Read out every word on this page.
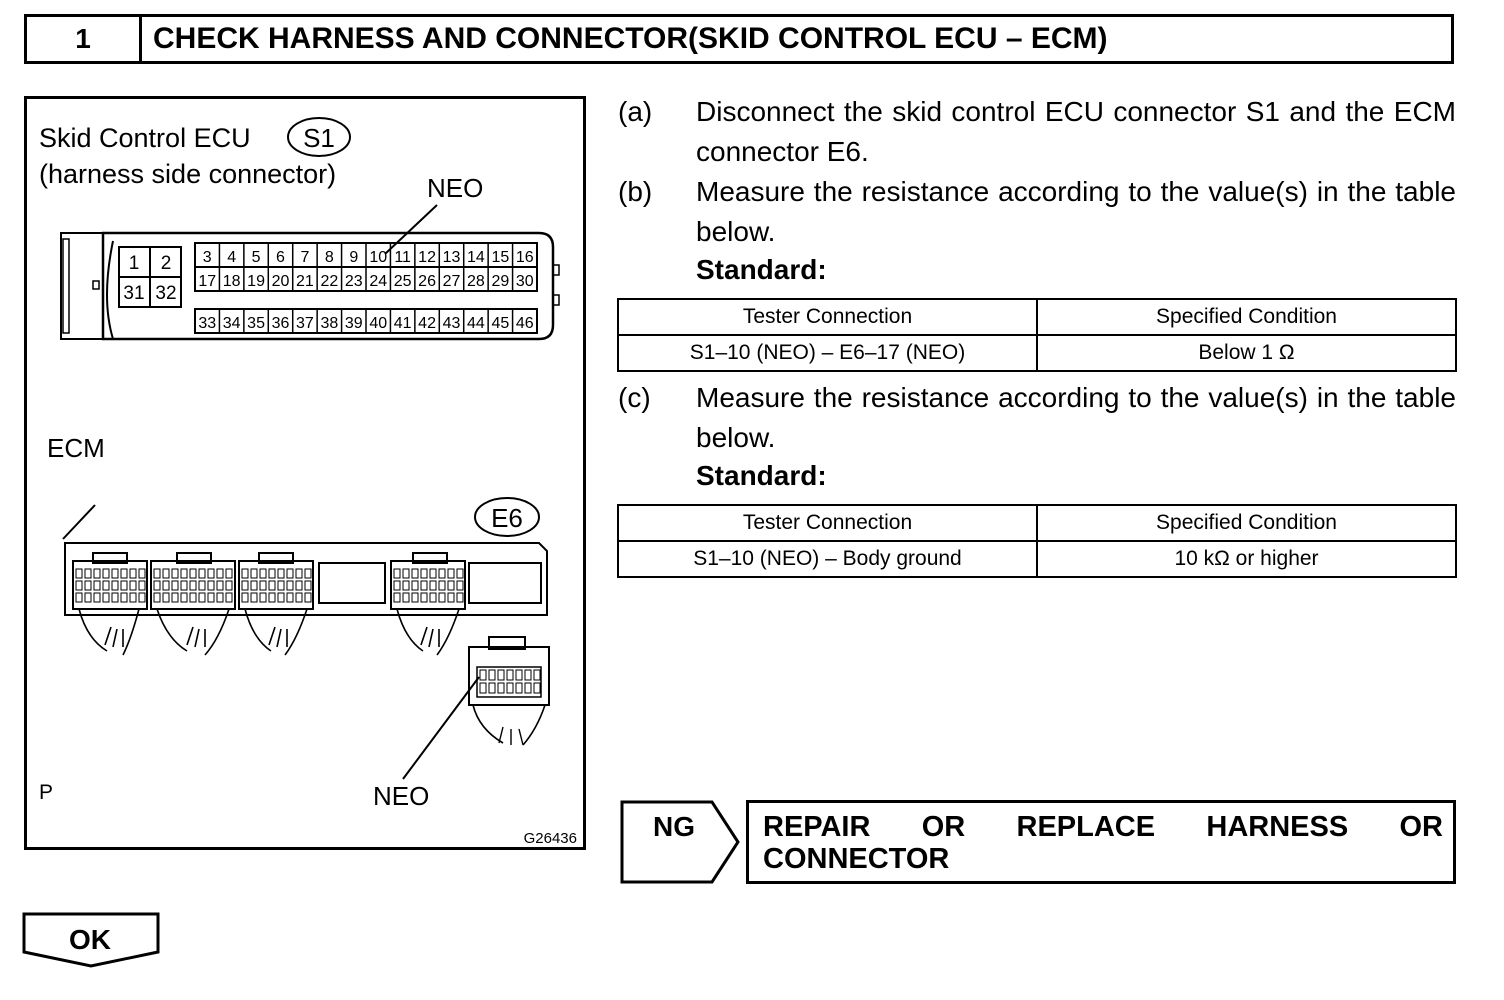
1	CHECK HARNESS AND CONNECTOR(SKID CONTROL ECU – ECM)
Skid Control ECU
(harness side connector)
S1
NEO
1 2
31 32
3 4 5 6 7 8 9 10 11 12 13 14 15 16
17 18 19 20 21 22 23 24 25 26 27 28 29 30
33 34 35 36 37 38 39 40 41 42 43 44 45 46
ECM
E6
NEO
P
G26436
(a) Disconnect the skid control ECU connector S1 and the ECM connector E6.
(b) Measure the resistance according to the value(s) in the table below.
Standard:
Tester Connection	Specified Condition
S1–10 (NEO) – E6–17 (NEO)	Below 1 Ω
(c) Measure the resistance according to the value(s) in the table below.
Standard:
Tester Connection	Specified Condition
S1–10 (NEO) – Body ground	10 kΩ or higher
NG REPAIR OR REPLACE HARNESS OR
CONNECTOR
OK
